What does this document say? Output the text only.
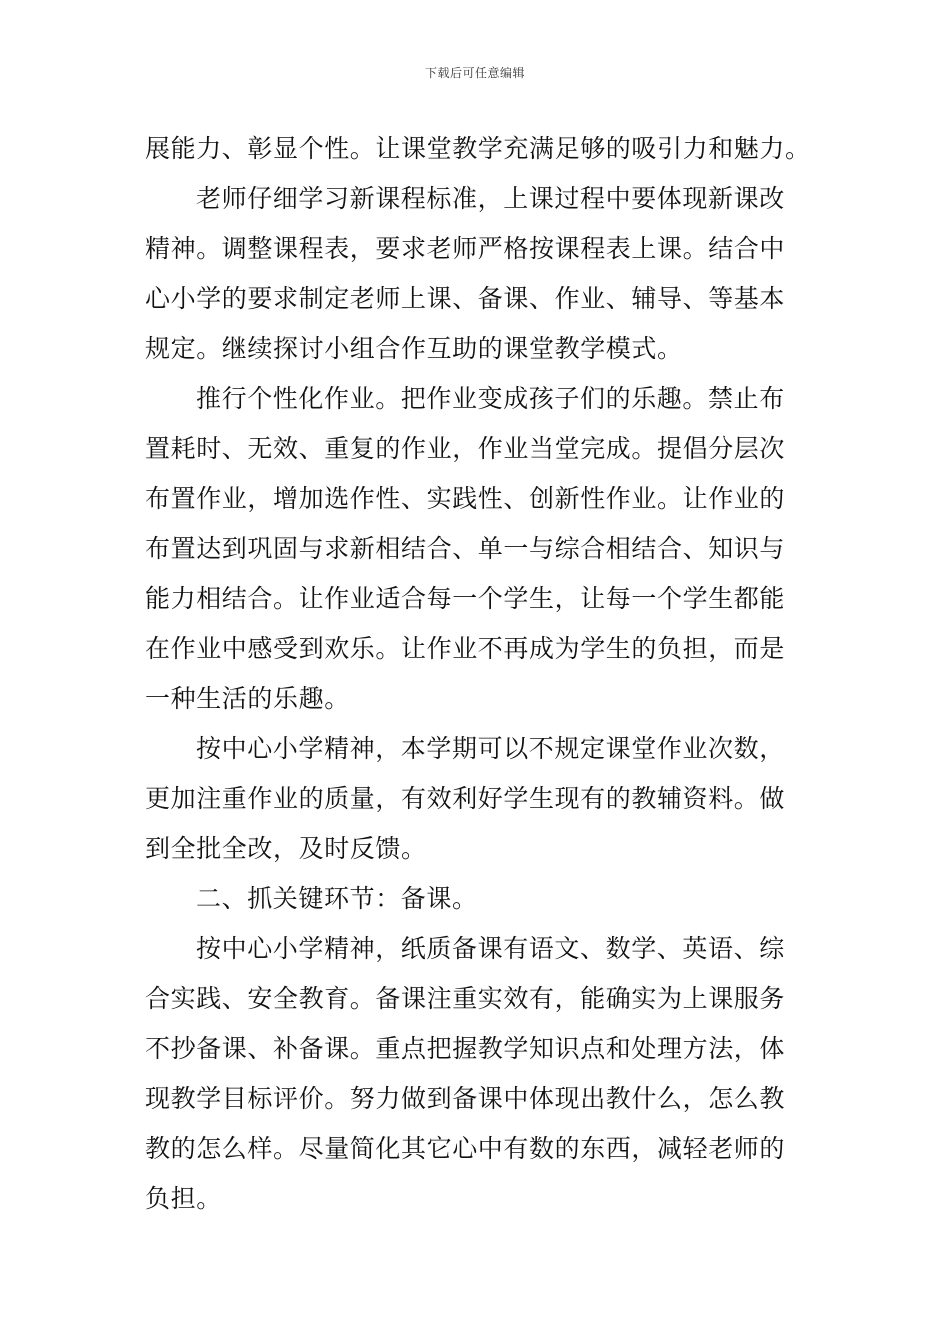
下载后可任意编辑
展能力、彰显个性。让课堂教学充满足够的吸引力和魅力。
老师仔细学习新课程标准，上课过程中要体现新课改
精神。调整课程表，要求老师严格按课程表上课。结合中
心小学的要求制定老师上课、备课、作业、辅导、等基本
规定。继续探讨小组合作互助的课堂教学模式。
推行个性化作业。把作业变成孩子们的乐趣。禁止布
置耗时、无效、重复的作业，作业当堂完成。提倡分层次
布置作业，增加选作性、实践性、创新性作业。让作业的
布置达到巩固与求新相结合、单一与综合相结合、知识与
能力相结合。让作业适合每一个学生，让每一个学生都能
在作业中感受到欢乐。让作业不再成为学生的负担，而是
一种生活的乐趣。
按中心小学精神，本学期可以不规定课堂作业次数，
更加注重作业的质量，有效利好学生现有的教辅资料。做
到全批全改，及时反馈。
二、抓关键环节：备课。
按中心小学精神，纸质备课有语文、数学、英语、综
合实践、安全教育。备课注重实效有，能确实为上课服务
不抄备课、补备课。重点把握教学知识点和处理方法，体
现教学目标评价。努力做到备课中体现出教什么，怎么教
教的怎么样。尽量简化其它心中有数的东西，减轻老师的
负担。
